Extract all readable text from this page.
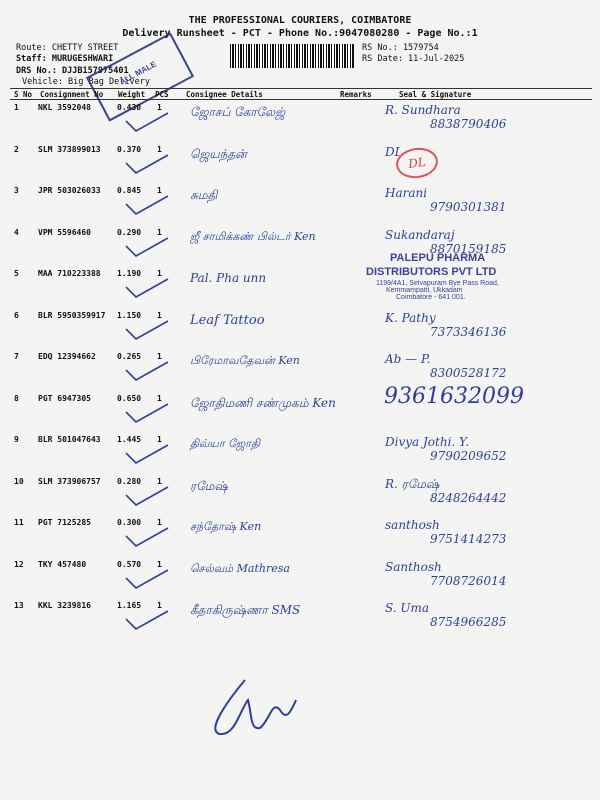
THE PROFESSIONAL COURIERS, COIMBATORE
Delivery Runsheet - PCT - Phone No.:9047080280 - Page No.:1
Route: CHETTY STREET
Staff: MURUGESHWARI
DRS No.: DJJB157975401
Vehicle: Big Bag Delivery
RS No.: 1579754
RS Date: 11-Jul-2025
ALL MALE
S No Consignment No Weight PCS Consignee Details	Remarks	Seal & Signature
1 NKL 3592048	0.430 1 ஜோசப் கோலேஜ்	R. Sundhara
8838790406
2 SLM 373899013 0.370 1 ஜெயந்தன்	DL
3 JPR 503026033 0.845 1 சுமதி	Harani
9790301381
4 VPM 5596460	0.290 1	ஜீ சாமிக்கண் பில்டர் Ken	Sukandaraj
8870159185
5 MAA 710223388 1.190 1 Pal. Pha unn
6 BLR 5950359917 1.150 1 Leaf Tattoo	K. Pathy
7373346136
7 EDQ 12394662	0.265 1	பிரேமாவதேவன் Ken	Ab — P.
8300528172
8 PGT 6947305	0.650 1 ஜோதிமணி சண்முகம் Ken 9361632099
9 BLR 501047643 1.445 1	திவ்யா ஜோதி	Divya Jothi. Y.
9790209652
10 SLM 373906757 0.280 1 ரமேஷ்	R. ரமேஷ்
8248264442
11 PGT 7125285	0.300 1	சந்தோஷ் Ken	santhosh
9751414273
12 TKY 457480	0.570 1	செல்வம் Mathresa	Santhosh
7708726014
13 KKL 3239816	1.165 1 கீதாகிருஷ்ணா SMS	S. Uma
8754966285
DL
PALEPU PHARMA
DISTRIBUTORS PVT LTD
1199/4A1, Selvapuram Bye Pass Road,
Kemmampatti, Ukkadam
Coimbatore - 641 001.
